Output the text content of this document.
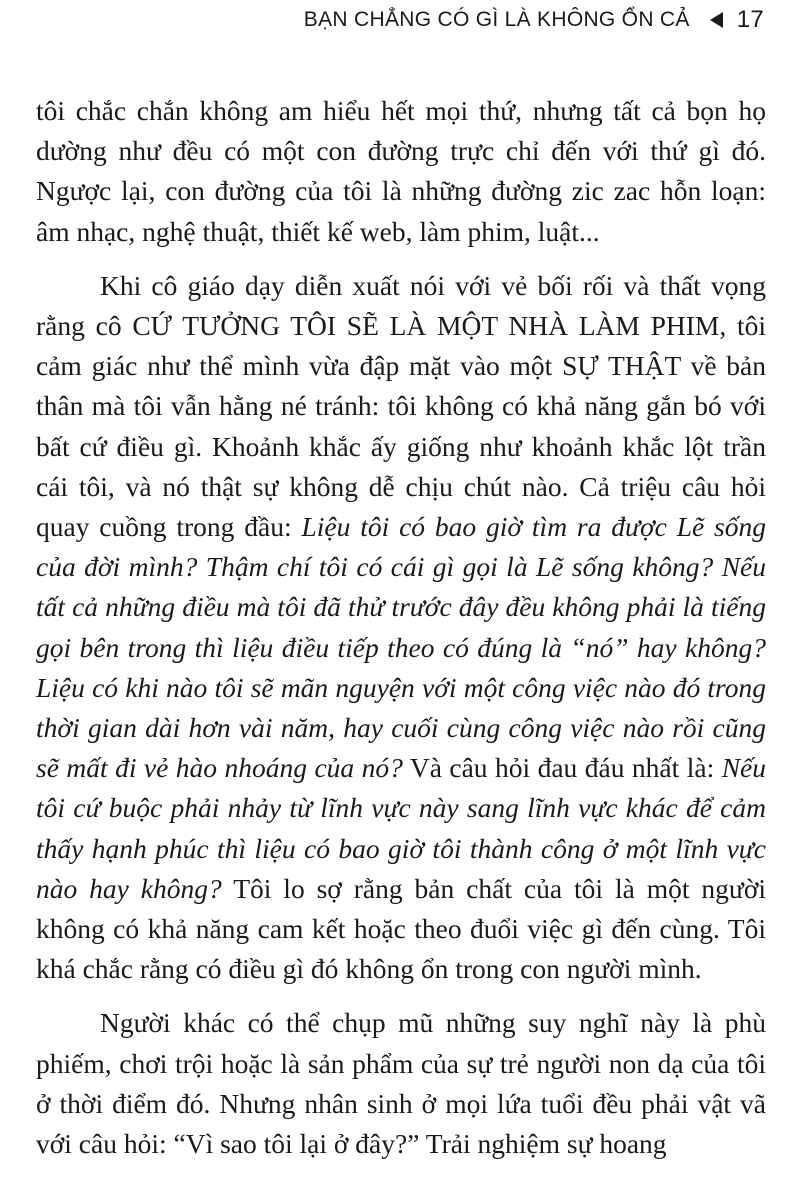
BẠN CHẲNG CÓ GÌ LÀ KHÔNG ỔN CẢ 17

tôi chắc chắn không am hiểu hết mọi thứ, nhưng tất cả bọn họ dường như đều có một con đường trực chỉ đến với thứ gì đó. Ngược lại, con đường của tôi là những đường zic zac hỗn loạn: âm nhạc, nghệ thuật, thiết kế web, làm phim, luật...

Khi cô giáo dạy diễn xuất nói với vẻ bối rối và thất vọng rằng cô CỨ TƯỞNG TÔI SẼ LÀ MỘT NHÀ LÀM PHIM, tôi cảm giác như thể mình vừa đập mặt vào một SỰ THẬT về bản thân mà tôi vẫn hằng né tránh: tôi không có khả năng gắn bó với bất cứ điều gì. Khoảnh khắc ấy giống như khoảnh khắc lột trần cái tôi, và nó thật sự không dễ chịu chút nào. Cả triệu câu hỏi quay cuồng trong đầu: Liệu tôi có bao giờ tìm ra được Lẽ sống của đời mình? Thậm chí tôi có cái gì gọi là Lẽ sống không? Nếu tất cả những điều mà tôi đã thử trước đây đều không phải là tiếng gọi bên trong thì liệu điều tiếp theo có đúng là “nó” hay không? Liệu có khi nào tôi sẽ mãn nguyện với một công việc nào đó trong thời gian dài hơn vài năm, hay cuối cùng công việc nào rồi cũng sẽ mất đi vẻ hào nhoáng của nó? Và câu hỏi đau đáu nhất là: Nếu tôi cứ buộc phải nhảy từ lĩnh vực này sang lĩnh vực khác để cảm thấy hạnh phúc thì liệu có bao giờ tôi thành công ở một lĩnh vực nào hay không? Tôi lo sợ rằng bản chất của tôi là một người không có khả năng cam kết hoặc theo đuổi việc gì đến cùng. Tôi khá chắc rằng có điều gì đó không ổn trong con người mình.

Người khác có thể chụp mũ những suy nghĩ này là phù phiếm, chơi trội hoặc là sản phẩm của sự trẻ người non dạ của tôi ở thời điểm đó. Nhưng nhân sinh ở mọi lứa tuổi đều phải vật vã với câu hỏi: “Vì sao tôi lại ở đây?” Trải nghiệm sự hoang
